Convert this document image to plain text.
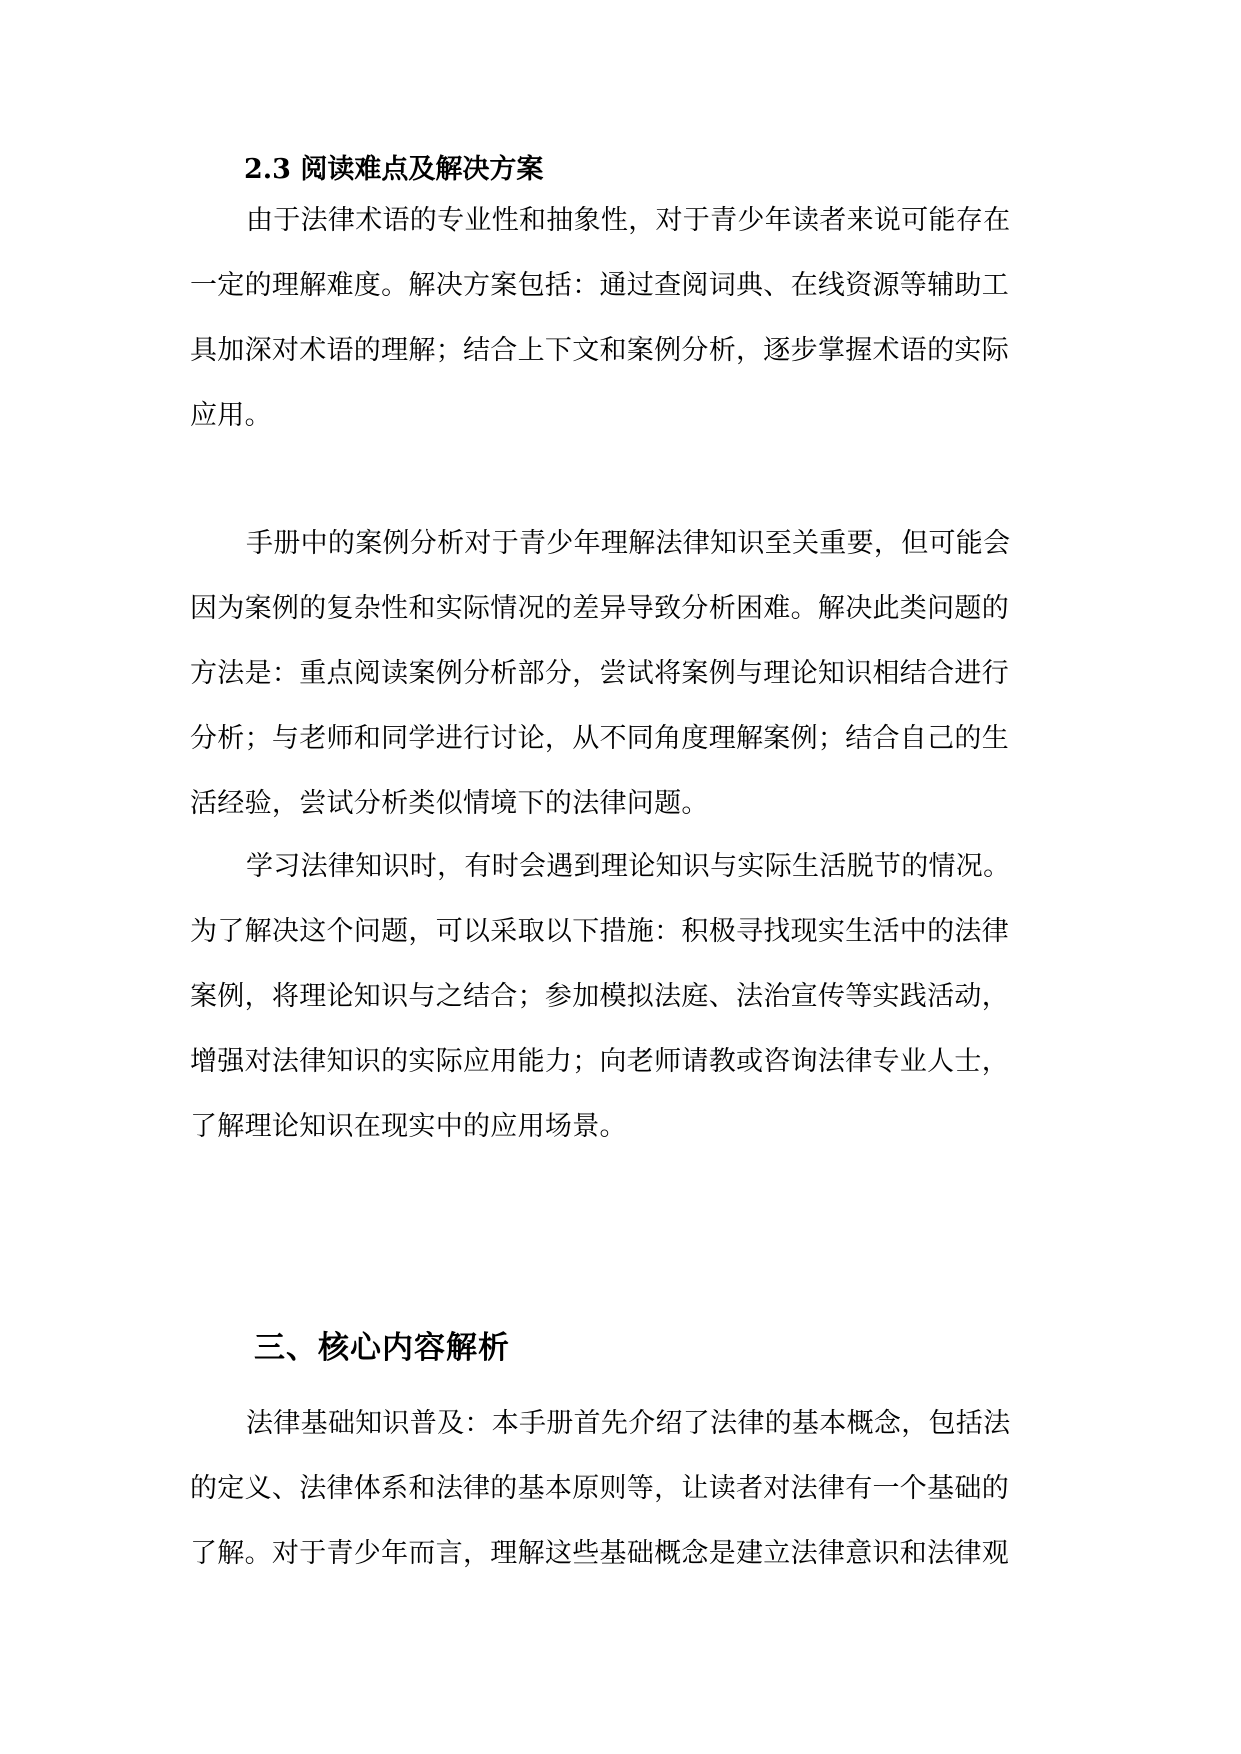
2.3 阅读难点及解决方案
由于法律术语的专业性和抽象性，对于青少年读者来说可能存在
一定的理解难度。解决方案包括：通过查阅词典、在线资源等辅助工
具加深对术语的理解；结合上下文和案例分析，逐步掌握术语的实际
应用。
手册中的案例分析对于青少年理解法律知识至关重要，但可能会
因为案例的复杂性和实际情况的差异导致分析困难。解决此类问题的
方法是：重点阅读案例分析部分，尝试将案例与理论知识相结合进行
分析；与老师和同学进行讨论，从不同角度理解案例；结合自己的生
活经验，尝试分析类似情境下的法律问题。
学习法律知识时，有时会遇到理论知识与实际生活脱节的情况。
为了解决这个问题，可以采取以下措施：积极寻找现实生活中的法律
案例，将理论知识与之结合；参加模拟法庭、法治宣传等实践活动，
增强对法律知识的实际应用能力；向老师请教或咨询法律专业人士，
了解理论知识在现实中的应用场景。
三、核心内容解析
法律基础知识普及：本手册首先介绍了法律的基本概念，包括法
的定义、法律体系和法律的基本原则等，让读者对法律有一个基础的
了解。对于青少年而言，理解这些基础概念是建立法律意识和法律观
